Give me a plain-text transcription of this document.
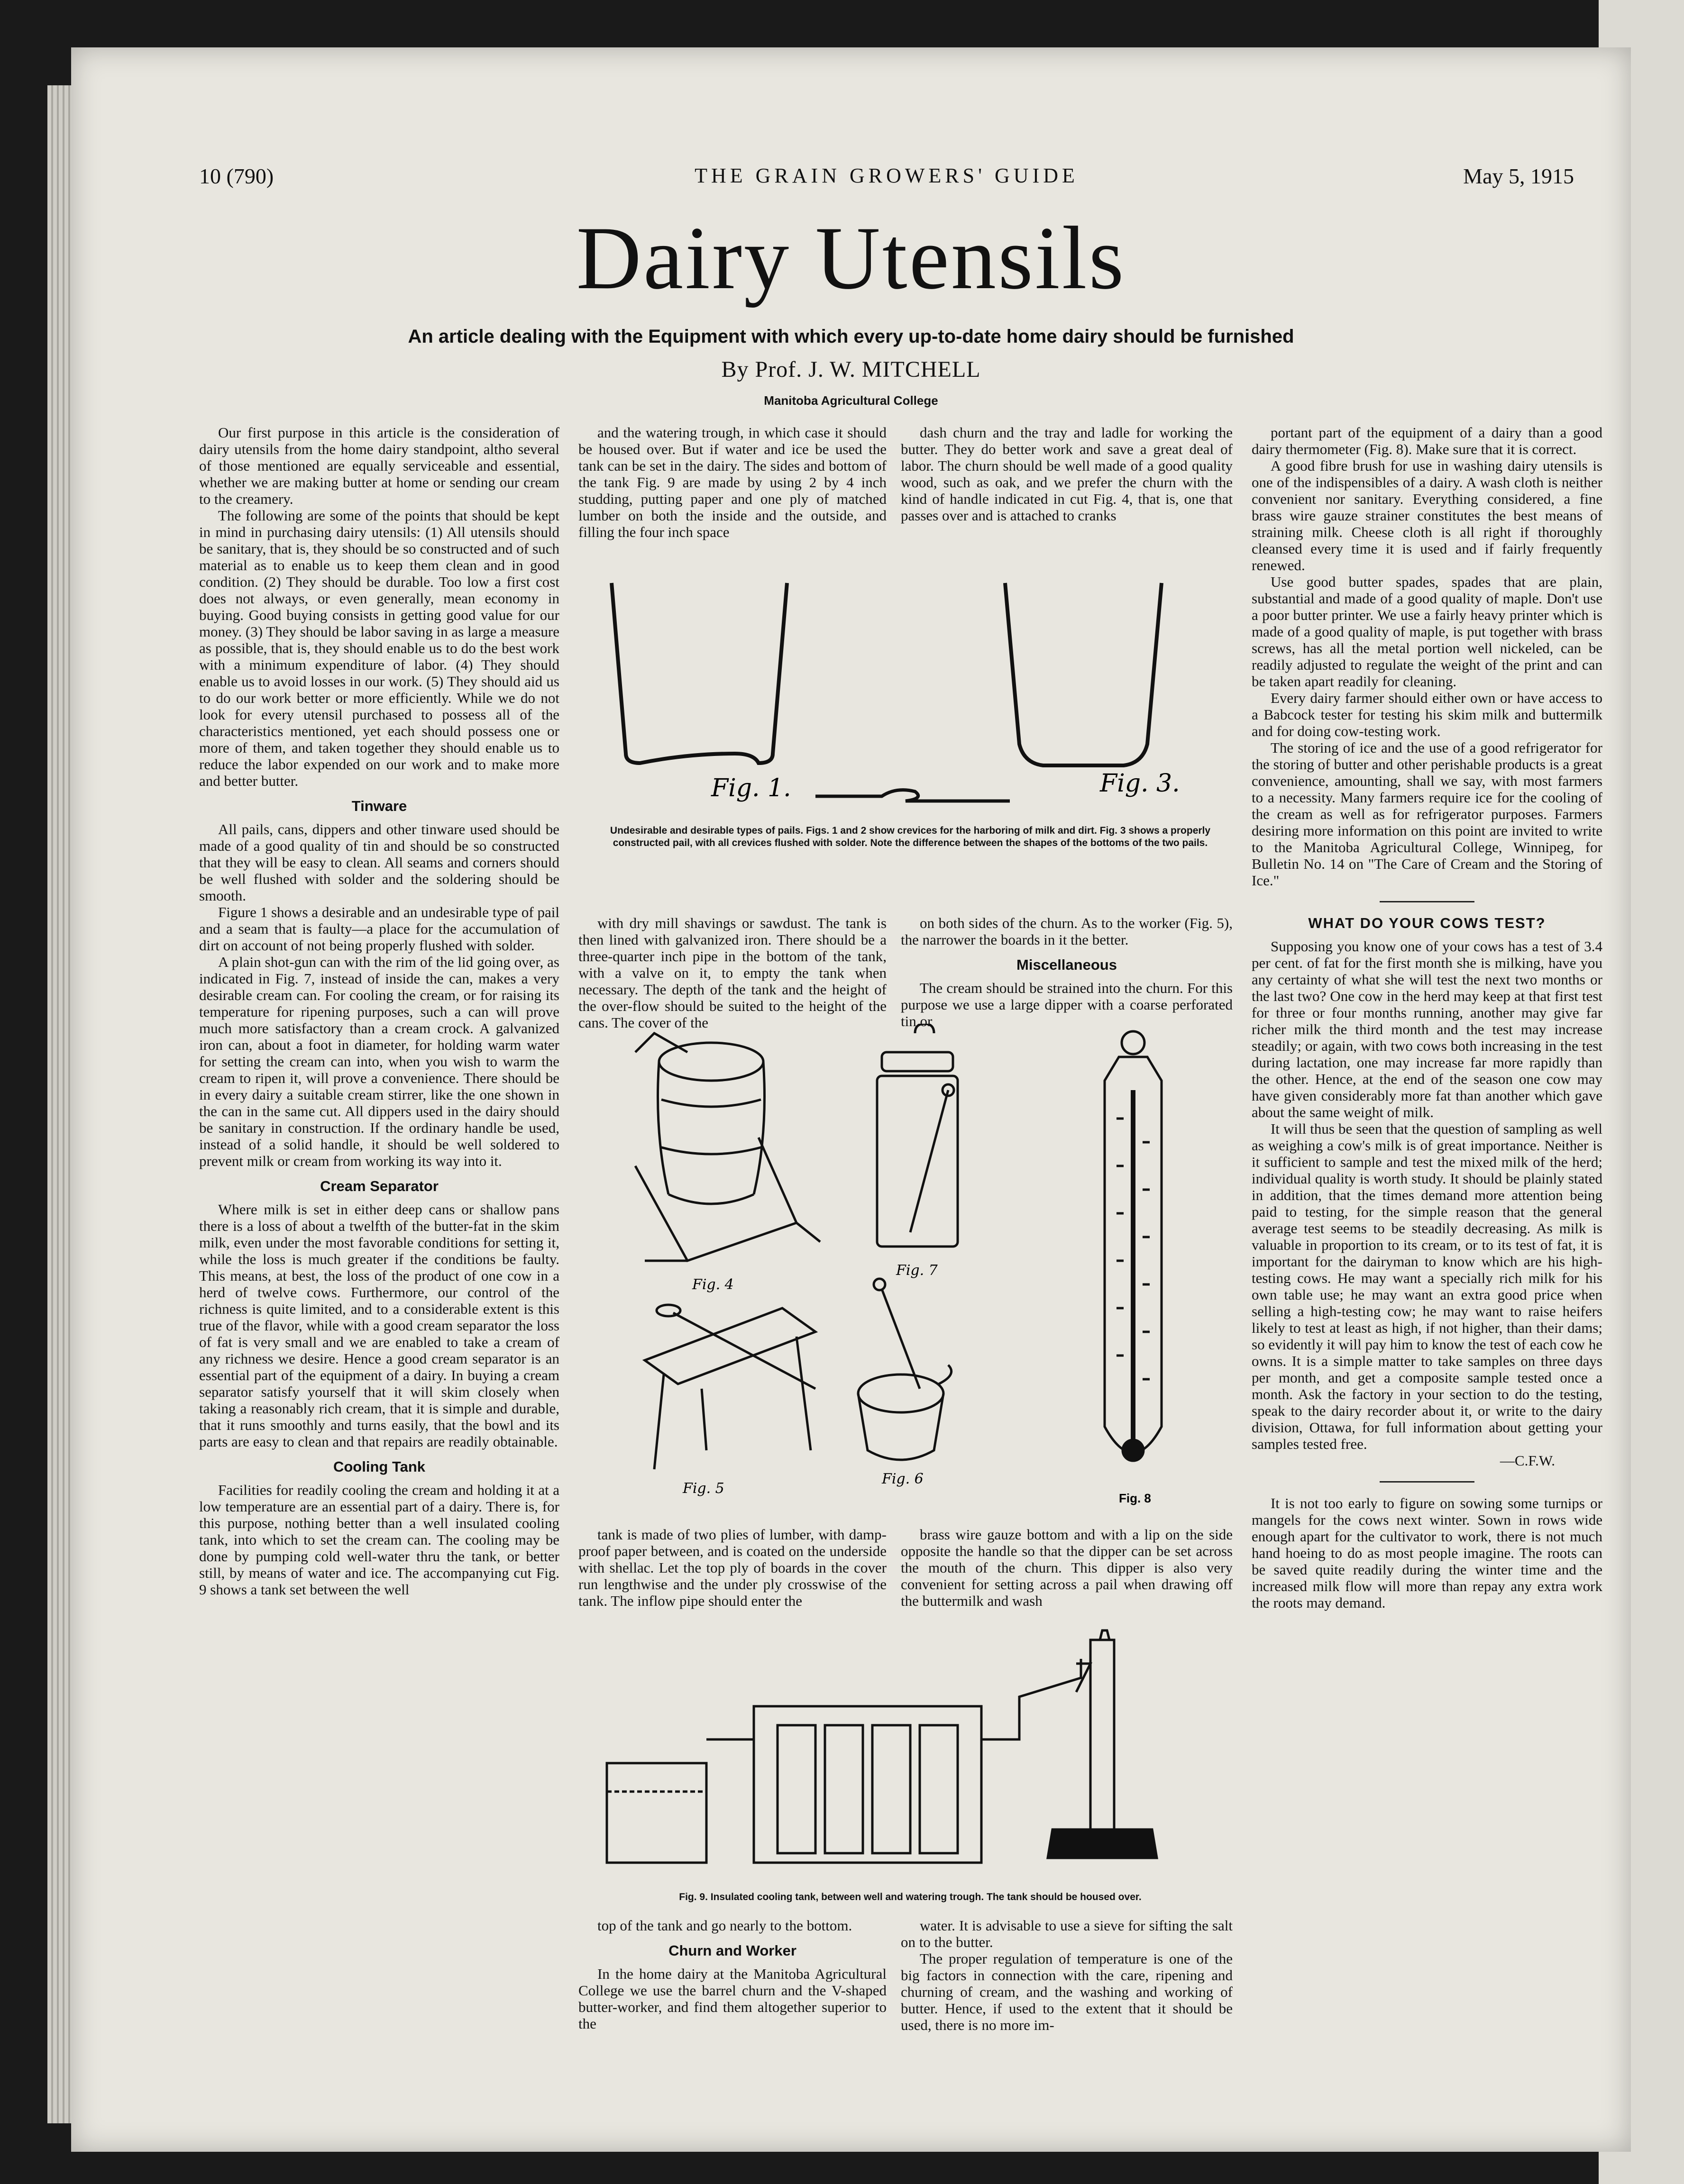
10 (790)	THE GRAIN GROWERS' GUIDE	May 5, 1915
Dairy Utensils
An article dealing with the Equipment with which every up-to-date home dairy should be furnished
By Prof. J. W. MITCHELL
Manitoba Agricultural College

Our first purpose in this article is the consideration of dairy utensils from the home dairy standpoint, altho several of those mentioned are equally serviceable and essential, whether we are making butter at home or sending our cream to the creamery.

The following are some of the points that should be kept in mind in purchasing dairy utensils: (1) All utensils should be sanitary, that is, they should be so constructed and of such material as to enable us to keep them clean and in good condition. (2) They should be durable. Too low a first cost does not always, or even generally, mean economy in buying. Good buying consists in getting good value for our money. (3) They should be labor saving in as large a measure as possible, that is, they should enable us to do the best work with a minimum expenditure of labor. (4) They should enable us to avoid losses in our work. (5) They should aid us to do our work better or more efficiently. While we do not look for every utensil purchased to possess all of the characteristics mentioned, yet each should possess one or more of them, and taken together they should enable us to reduce the labor expended on our work and to make more and better butter.

Tinware

All pails, cans, dippers and other tinware used should be made of a good quality of tin and should be so constructed that they will be easy to clean. All seams and corners should be well flushed with solder and the soldering should be smooth.

Figure 1 shows a desirable and an undesirable type of pail and a seam that is faulty—a place for the accumulation of dirt on account of not being properly flushed with solder.

A plain shot-gun can with the rim of the lid going over, as indicated in Fig. 7, instead of inside the can, makes a very desirable cream can. For cooling the cream, or for raising its temperature for ripening purposes, such a can will prove much more satisfactory than a cream crock. A galvanized iron can, about a foot in diameter, for holding warm water for setting the cream can into, when you wish to warm the cream to ripen it, will prove a convenience. There should be in every dairy a suitable cream stirrer, like the one shown in the can in the same cut. All dippers used in the dairy should be sanitary in construction. If the ordinary handle be used, instead of a solid handle, it should be well soldered to prevent milk or cream from working its way into it.

Cream Separator

Where milk is set in either deep cans or shallow pans there is a loss of about a twelfth of the butter-fat in the skim milk, even under the most favorable conditions for setting it, while the loss is much greater if the conditions be faulty. This means, at best, the loss of the product of one cow in a herd of twelve cows. Furthermore, our control of the richness is quite limited, and to a considerable extent is this true of the flavor, while with a good cream separator the loss of fat is very small and we are enabled to take a cream of any richness we desire. Hence a good cream separator is an essential part of the equipment of a dairy. In buying a cream separator satisfy yourself that it will skim closely when taking a reasonably rich cream, that it is simple and durable, that it runs smoothly and turns easily, that the bowl and its parts are easy to clean and that repairs are readily obtainable.

Cooling Tank

Facilities for readily cooling the cream and holding it at a low temperature are an essential part of a dairy. There is, for this purpose, nothing better than a well insulated cooling tank, into which to set the cream can. The cooling may be done by pumping cold well-water thru the tank, or better still, by means of water and ice. The accompanying cut Fig. 9 shows a tank set between the well

and the watering trough, in which case it should be housed over. But if water and ice be used the tank can be set in the dairy. The sides and bottom of the tank Fig. 9 are made by using 2 by 4 inch studding, putting paper and one ply of matched lumber on both the inside and the outside, and filling the four inch space

dash churn and the tray and ladle for working the butter. They do better work and save a great deal of labor. The churn should be well made of a good quality wood, such as oak, and we prefer the churn with the kind of handle indicated in cut Fig. 4, that is, one that passes over and is attached to cranks

Fig. 1.	Fig. 3.
Undesirable and desirable types of pails. Figs. 1 and 2 show crevices for the harboring of milk and dirt. Fig. 3 shows a properly constructed pail, with all crevices flushed with solder. Note the difference between the shapes of the bottoms of the two pails.

with dry mill shavings or sawdust. The tank is then lined with galvanized iron. There should be a three-quarter inch pipe in the bottom of the tank, with a valve on it, to empty the tank when necessary. The depth of the tank and the height of the over-flow should be suited to the height of the cans. The cover of the

on both sides of the churn. As to the worker (Fig. 5), the narrower the boards in it the better.

Miscellaneous

The cream should be strained into the churn. For this purpose we use a large dipper with a coarse perforated tin or

Fig. 4
Fig. 7
Fig. 5
Fig. 6
Fig. 8

tank is made of two plies of lumber, with damp-proof paper between, and is coated on the underside with shellac. Let the top ply of boards in the cover run lengthwise and the under ply crosswise of the tank. The inflow pipe should enter the

brass wire gauze bottom and with a lip on the side opposite the handle so that the dipper can be set across the mouth of the churn. This dipper is also very convenient for setting across a pail when drawing off the buttermilk and wash

Fig. 9. Insulated cooling tank, between well and watering trough. The tank should be housed over.

top of the tank and go nearly to the bottom.

Churn and Worker

In the home dairy at the Manitoba Agricultural College we use the barrel churn and the V-shaped butter-worker, and find them altogether superior to the

water. It is advisable to use a sieve for sifting the salt on to the butter.

The proper regulation of temperature is one of the big factors in connection with the care, ripening and churning of cream, and the washing and working of butter. Hence, if used to the extent that it should be used, there is no more im-

portant part of the equipment of a dairy than a good dairy thermometer (Fig. 8). Make sure that it is correct.

A good fibre brush for use in washing dairy utensils is one of the indispensibles of a dairy. A wash cloth is neither convenient nor sanitary. Everything considered, a fine brass wire gauze strainer constitutes the best means of straining milk. Cheese cloth is all right if thoroughly cleansed every time it is used and if fairly frequently renewed.

Use good butter spades, spades that are plain, substantial and made of a good quality of maple. Don't use a poor butter printer. We use a fairly heavy printer which is made of a good quality of maple, is put together with brass screws, has all the metal portion well nickeled, can be readily adjusted to regulate the weight of the print and can be taken apart readily for cleaning.

Every dairy farmer should either own or have access to a Babcock tester for testing his skim milk and buttermilk and for doing cow-testing work.

The storing of ice and the use of a good refrigerator for the storing of butter and other perishable products is a great convenience, amounting, shall we say, with most farmers to a necessity. Many farmers require ice for the cooling of the cream as well as for refrigerator purposes. Farmers desiring more information on this point are invited to write to the Manitoba Agricultural College, Winnipeg, for Bulletin No. 14 on "The Care of Cream and the Storing of Ice."

WHAT DO YOUR COWS TEST?

Supposing you know one of your cows has a test of 3.4 per cent. of fat for the first month she is milking, have you any certainty of what she will test the next two months or the last two? One cow in the herd may keep at that first test for three or four months running, another may give far richer milk the third month and the test may increase steadily; or again, with two cows both increasing in the test during lactation, one may increase far more rapidly than the other. Hence, at the end of the season one cow may have given considerably more fat than another which gave about the same weight of milk.

It will thus be seen that the question of sampling as well as weighing a cow's milk is of great importance. Neither is it sufficient to sample and test the mixed milk of the herd; individual quality is worth study. It should be plainly stated in addition, that the times demand more attention being paid to testing, for the simple reason that the general average test seems to be steadily decreasing. As milk is valuable in proportion to its cream, or to its test of fat, it is important for the dairyman to know which are his high-testing cows. He may want a specially rich milk for his own table use; he may want an extra good price when selling a high-testing cow; he may want to raise heifers likely to test at least as high, if not higher, than their dams; so evidently it will pay him to know the test of each cow he owns. It is a simple matter to take samples on three days per month, and get a composite sample tested once a month. Ask the factory in your section to do the testing, speak to the dairy recorder about it, or write to the dairy division, Ottawa, for full information about getting your samples tested free.

—C.F.W.

It is not too early to figure on sowing some turnips or mangels for the cows next winter. Sown in rows wide enough apart for the cultivator to work, there is not much hand hoeing to do as most people imagine. The roots can be saved quite readily during the winter time and the increased milk flow will more than repay any extra work the roots may demand.
